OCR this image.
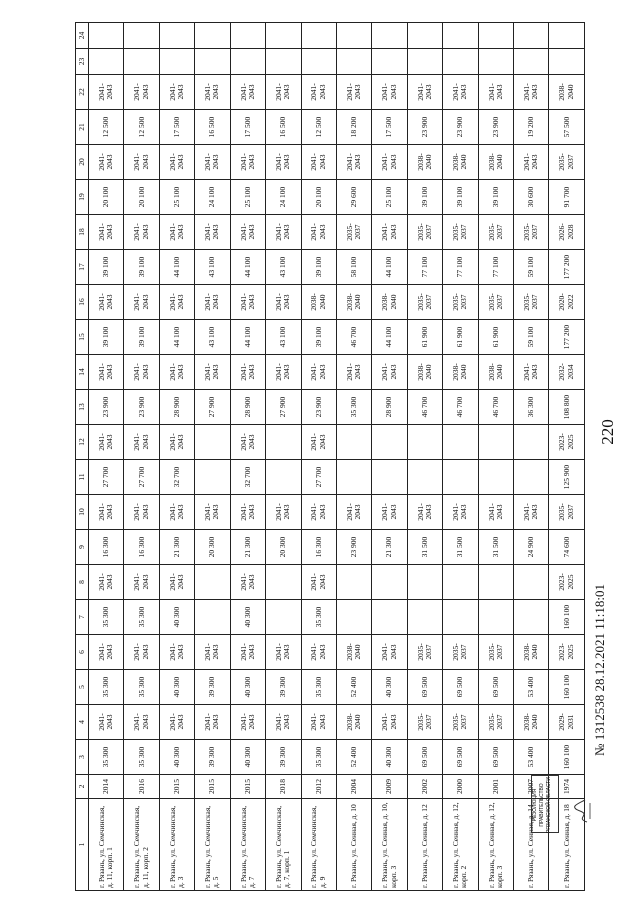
220
1	2	3	4	5	6	7	8	9	10	11	12	13	14	15	16	17	18	19	20	21	22	23	24
г. Рязань, ул. Семчинская, д. 11, корп. 1	2014	35 300	2041-2043	35 300	2041-2043	35 300	2041-2043	16 300	2041-2043	27 700	2041-2043	23 900	2041-2043	39 100	2041-2043	39 100	2041-2043	20 100	2041-2043	12 500	2041-2043		
г. Рязань, ул. Семчинская, д. 11, корп. 2	2016	35 300	2041-2043	35 300	2041-2043	35 300	2041-2043	16 300	2041-2043	27 700	2041-2043	23 900	2041-2043	39 100	2041-2043	39 100	2041-2043	20 100	2041-2043	12 500	2041-2043		
г. Рязань, ул. Семчинская, д. 3	2015	40 300	2041-2043	40 300	2041-2043	40 300	2041-2043	21 300	2041-2043	32 700	2041-2043	28 900	2041-2043	44 100	2041-2043	44 100	2041-2043	25 100	2041-2043	17 500	2041-2043		
г. Рязань, ул. Семчинская, д. 5	2015	39 300	2041-2043	39 300	2041-2043			20 300	2041-2043			27 900	2041-2043	43 100	2041-2043	43 100	2041-2043	24 100	2041-2043	16 500	2041-2043		
г. Рязань, ул. Семчинская, д. 7	2015	40 300	2041-2043	40 300	2041-2043	40 300	2041-2043	21 300	2041-2043	32 700	2041-2043	28 900	2041-2043	44 100	2041-2043	44 100	2041-2043	25 100	2041-2043	17 500	2041-2043		
г. Рязань, ул. Семчинская, д. 7, корп. 1	2018	39 300	2041-2043	39 300	2041-2043			20 300	2041-2043			27 900	2041-2043	43 100	2041-2043	43 100	2041-2043	24 100	2041-2043	16 500	2041-2043		
г. Рязань, ул. Семчинская, д. 9	2012	35 300	2041-2043	35 300	2041-2043	35 300	2041-2043	16 300	2041-2043	27 700	2041-2043	23 900	2041-2043	39 100	2038-2040	39 100	2041-2043	20 100	2041-2043	12 500	2041-2043		
г. Рязань, ул. Сенная, д. 10	2004	52 400	2038-2040	52 400	2038-2040			23 900	2041-2043			35 300	2041-2043	46 700	2038-2040	58 100	2035-2037	29 600	2041-2043	18 200	2041-2043		
г. Рязань, ул. Сенная, д. 10, корп. 3	2009	40 300	2041-2043	40 300	2041-2043			21 300	2041-2043			28 900	2041-2043	44 100	2038-2040	44 100	2041-2043	25 100	2041-2043	17 500	2041-2043		
г. Рязань, ул. Сенная, д. 12	2002	69 500	2035-2037	69 500	2035-2037			31 500	2041-2043			46 700	2038-2040	61 900	2035-2037	77 100	2035-2037	39 100	2038-2040	23 900	2041-2043		
г. Рязань, ул. Сенная, д. 12, корп. 2	2000	69 500	2035-2037	69 500	2035-2037			31 500	2041-2043			46 700	2038-2040	61 900	2035-2037	77 100	2035-2037	39 100	2038-2040	23 900	2041-2043		
г. Рязань, ул. Сенная, д. 12, корп. 3	2001	69 500	2035-2037	69 500	2035-2037			31 500	2041-2043			46 700	2038-2040	61 900	2035-2037	77 100	2035-2037	39 100	2038-2040	23 900	2041-2043		
г. Рязань, ул. Сенная, д. 14	2007	53 400	2038-2040	53 400	2038-2040			24 900	2041-2043			36 300	2041-2043	59 100	2035-2037	59 100	2035-2037	30 600	2041-2043	19 200	2041-2043		
г. Рязань, ул. Сенная, д. 18	1974	160 100	2029-2031	160 100	2023-2025	160 100	2023-2025	74 600	2035-2037	125 900	2023-2025	108 800	2032-2034	177 200	2020-2022	177 200	2026-2028	91 700	2035-2037	57 500	2038-2040		
РЕЗОЛЮЦИЯ ПРАВИТЕЛЬСТВО РЯЗАНСКОЙ ОБЛАСТИ
№ 1312538 28.12.2021 11:18:01
